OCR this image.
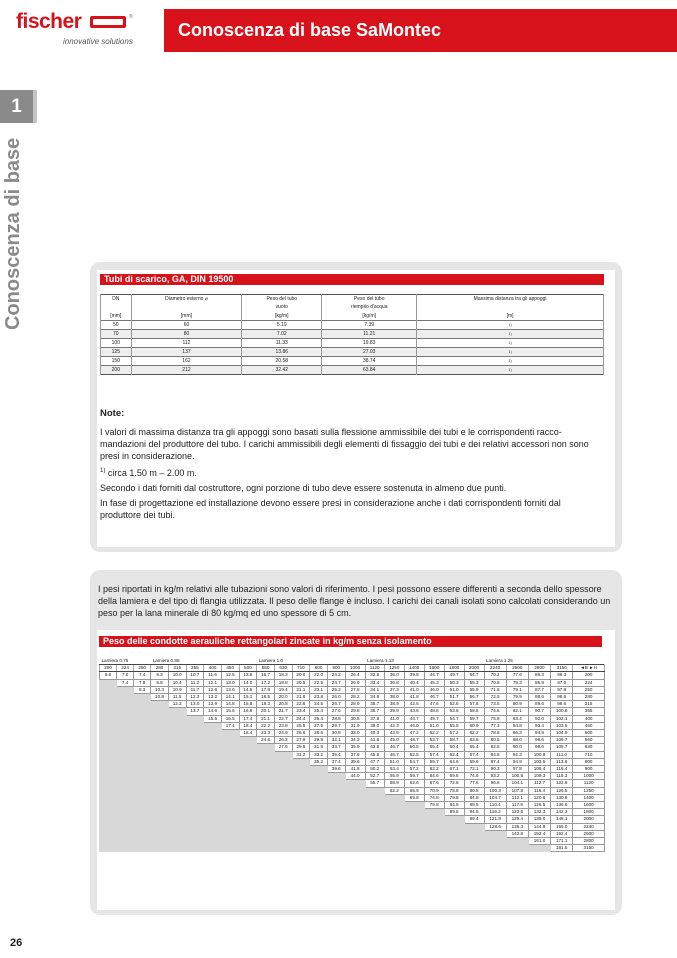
fischer	®
innovative solutions
Conoscenza di base SaMontec
1
Conoscenza di base	Tubi di scarico, GA, DIN 19500
DN	Diametro esterno ⌀	Peso del tubo	Peso del tubo	Massima distanza tra gli appoggi
		vuoto	riempito d'acqua	
[mm]	[mm]	[kg/m]	[kg/m]	[m]
50	60	5.19	7.39	1)
70	80	7.02	11.21	1)
100	112	11.33	19.83	1)
125	137	13.86	27.03	1)
150	162	20.58	38.74	1)
200	212	32.42	63.84	1)
Note:

I valori di massima distanza tra gli appoggi sono basati sulla flessione ammissibile dei tubi e le corrispondenti racco- mandazioni del produttore del tubo. I carichi ammissibili degli elementi di fissaggio dei tubi e dei relativi accessori non sono presi in considerazione.

$^{1)}$ circa 1.50 m – 2.00 m.

Secondo i dati forniti dal costruttore, ogni porzione di tubo deve essere sostenuta in almeno due punti.

In fase di progettazione ed installazione devono essere presi in considerazione anche i dati corrispondenti forniti dal produttore dei tubi.

I pesi riportati in kg/m relativi alle tubazioni sono valori di riferimento. I pesi possono essere differenti a seconda dello spessore della lamiera e del tipo di flangia utilizzata. Il peso delle flange è incluso. I carichi dei canali isolati sono calcolati considerando un peso per la lana minerale di 80 kg/mq ed uno spessore di 5 cm.
Peso delle condotte aerauliche rettangolari zincate in kg/m senza isolamento
Lamiera 0.75			Lamiera 0.88						Lamiera 1.0						Lamiera 1.13						Lamiera 1.25				
200	224	250	280	315	355	400	450	500	560	630	710	800	900	1000	1120	1250	1400	1600	1800	2000	2240	2500	2800	3150	◄B ►H
6.6	7.0	7.4	9.3	10.0	10.7	11.6	12.6	13.6	16.7	18.3	20.0	22.0	24.2	26.4	32.6	36.0	39.8	44.7	49.7	54.7	70.2	77.6	86.3	96.3	200
	7.4	7.8	9.8	10.4	11.2	12.1	13.0	14.0	17.2	18.8	20.5	22.5	24.7	26.9	33.4	36.8	40.4	45.3	50.3	55.3	70.8	78.3	86.9	97.0	224
		8.3	10.3	10.9	11.7	12.6	13.6	14.5	17.8	19.4	21.1	23.1	25.3	27.5	34.1	37.3	41.0	46.0	51.0	55.9	71.6	79.1	87.7	97.8	250
			10.8	11.5	12.3	13.2	14.1	15.1	18.5	20.0	21.8	23.8	26.0	28.2	34.8	38.0	41.8	46.7	51.7	56.7	72.5	79.9	88.6	98.6	280
				12.2	13.0	13.9	14.8	15.8	19.3	20.8	22.6	24.5	26.7	28.9	35.7	38.9	42.6	47.6	52.6	57.6	73.5	80.9	89.6	99.6	315
					13.7	14.6	15.6	16.6	20.1	21.7	23.4	25.4	27.6	29.8	36.7	39.9	43.6	48.6	53.6	58.5	74.6	82.1	90.7	100.8	355
						15.5	16.5	17.4	21.1	22.7	24.4	26.4	28.6	30.8	37.8	41.0	44.7	49.7	54.7	59.7	75.9	83.4	92.0	102.1	400
							17.4	18.4	22.2	23.8	25.5	27.5	29.7	31.9	39.0	42.3	46.0	51.0	55.9	60.9	77.3	84.8	93.4	103.5	450
								18.4	23.3	24.9	26.6	28.6	30.8	33.0	40.3	43.5	47.2	52.2	57.2	62.2	78.8	86.3	94.9	104.9	500
									24.6	26.2	27.9	29.9	32.1	34.3	41.8	45.0	48.7	53.7	58.7	63.6	80.5	88.0	96.6	106.7	560
										27.6	29.5	31.5	33.7	35.9	43.5	46.7	50.5	55.4	60.4	65.4	82.5	90.0	98.6	108.7	630
											31.2	33.2	35.4	37.6	45.5	48.7	52.5	57.4	62.4	67.4	84.6	92.3	100.9	111.0	710
												35.2	37.4	39.6	47.7	51.0	54.7	59.7	64.6	69.6	87.4	94.9	103.5	113.6	800
													39.6	41.8	50.2	53.4	57.2	62.2	67.1	72.1	90.3	97.8	106.4	116.4	900
														44.0	52.7	55.9	59.7	64.6	69.6	74.6	93.2	100.8	109.3	119.3	1000
															55.7	58.9	62.6	67.6	72.6	77.6	96.6	104.1	112.7	122.8	1120
																62.2	65.9	70.9	75.8	80.8	100.3	107.8	116.4	126.5	1250
																	69.8	74.8	79.8	84.8	104.7	112.1	120.8	130.8	1400
																		79.8	84.5	89.5	110.4	117.9	126.5	136.6	1600
																			89.5	94.5	116.2	123.6	132.3	142.3	1800
																				99.4	121.9	129.4	138.0	148.1	2000
																					128.6	136.3	144.9	155.0	2240
																						143.8	152.4	162.4	2500
																							161.0	171.1	2800
																								181.5	3150
26
